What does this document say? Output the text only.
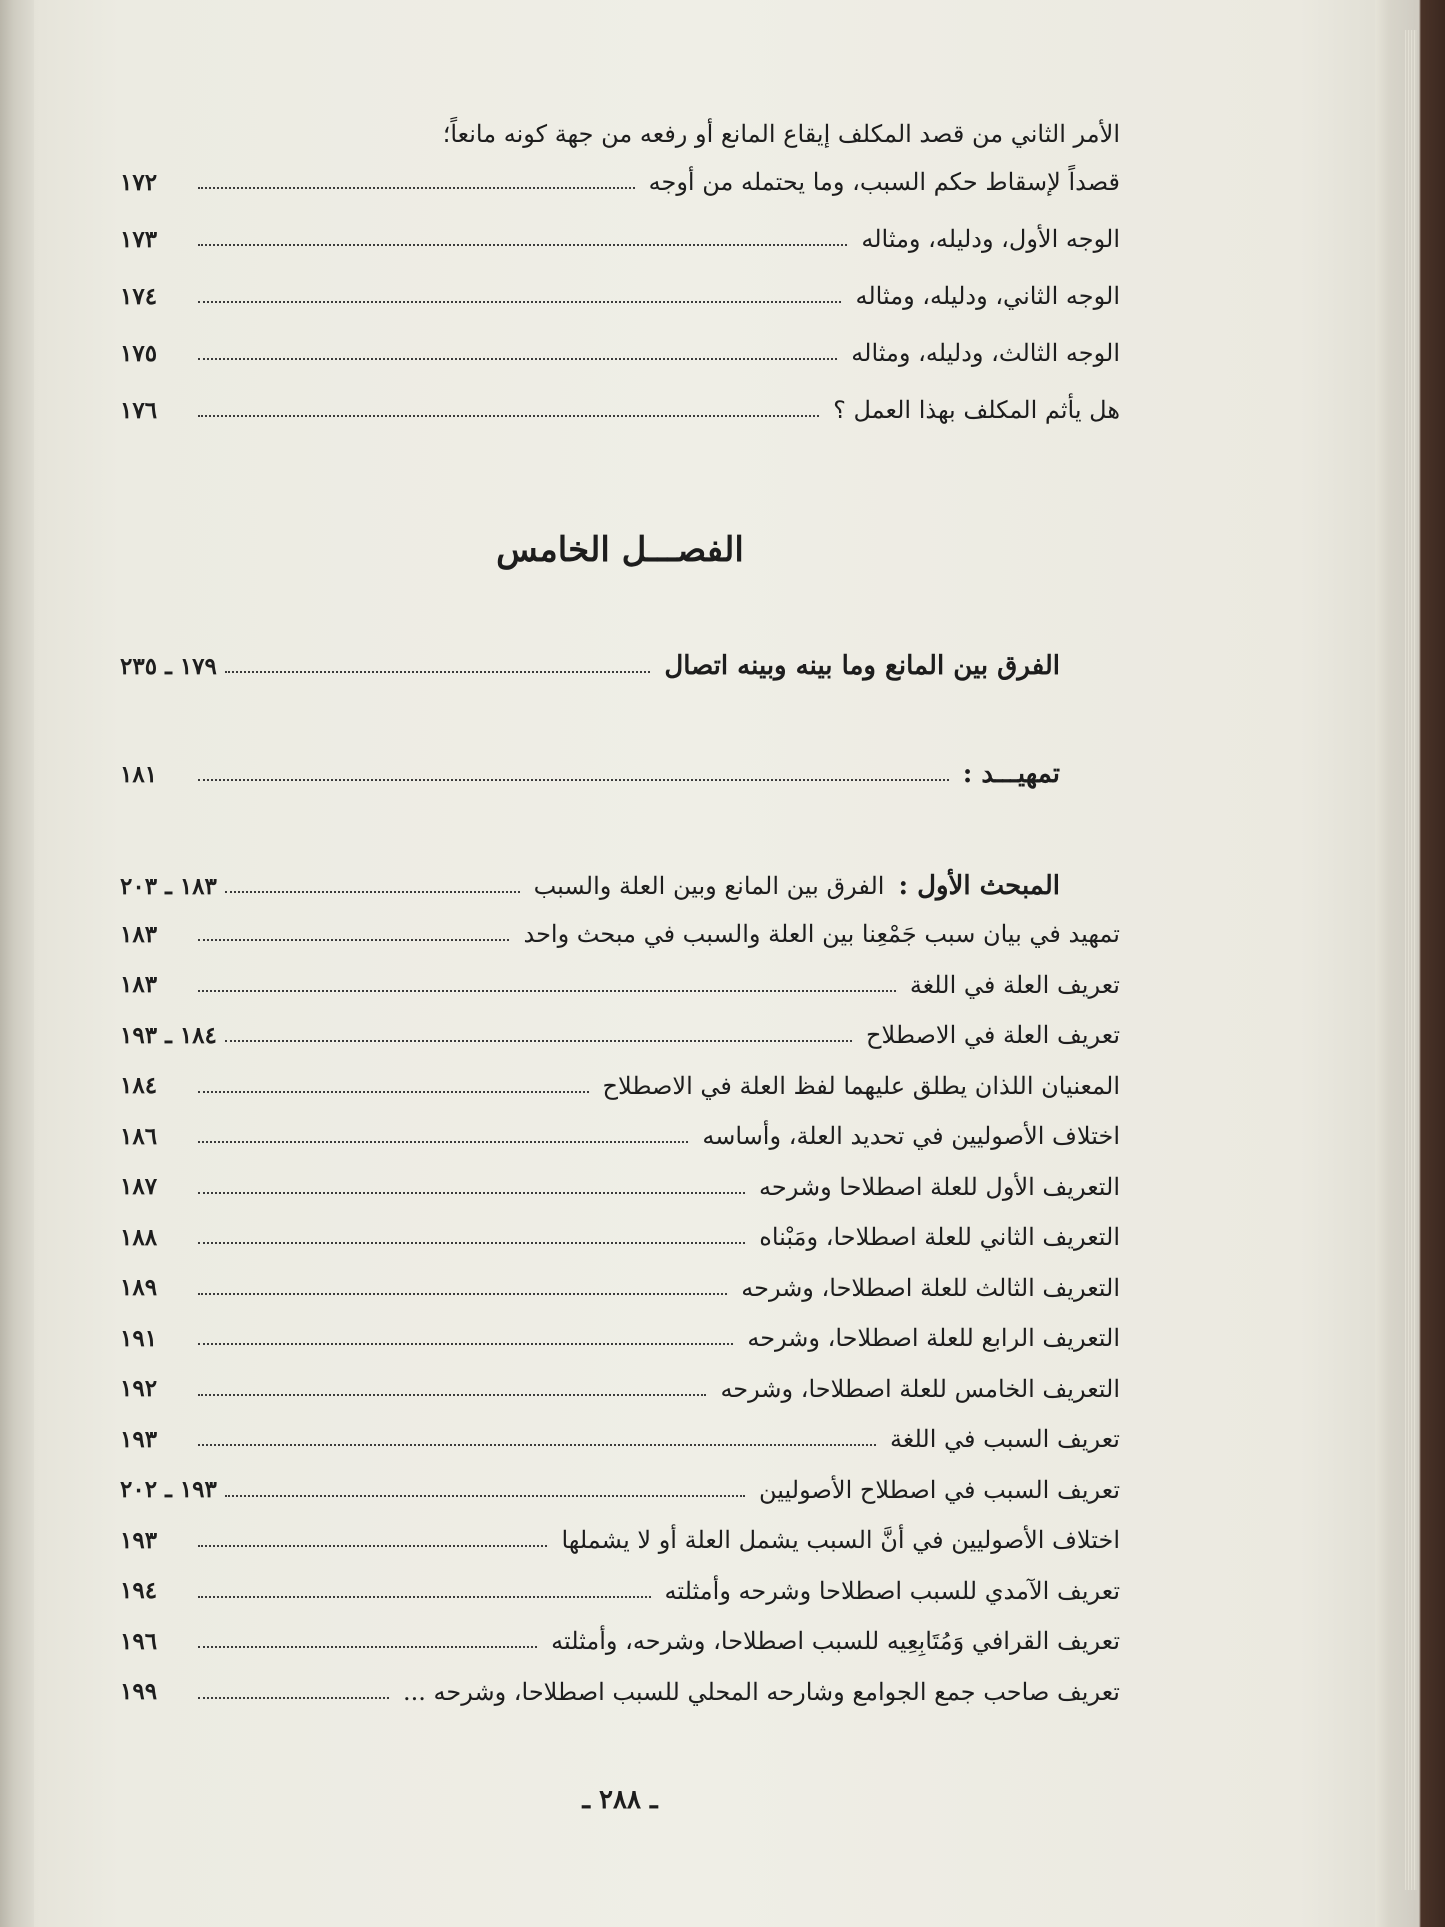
الأمر الثاني من قصد المكلف إيقاع المانع أو رفعه من جهة كونه مانعاً؛
قصداً لإسقاط حكم السبب، وما يحتمله من أوجه
١٧٢
الوجه الأول، ودليله، ومثاله
١٧٣
الوجه الثاني، ودليله، ومثاله
١٧٤
الوجه الثالث، ودليله، ومثاله
١٧٥
هل يأثم المكلف بهذا العمل ؟
١٧٦
الفصـــل الخامس
الفرق بين المانع وما بينه وبينه اتصال
١٧٩ ـ ٢٣٥
تمهيـــد :
١٨١
المبحث الأول :
الفرق بين المانع وبين العلة والسبب
١٨٣ ـ ٢٠٣
تمهيد في بيان سبب جَمْعِنا بين العلة والسبب في مبحث واحد
١٨٣
تعريف العلة في اللغة
١٨٣
تعريف العلة في الاصطلاح
١٨٤ ـ ١٩٣
المعنيان اللذان يطلق عليهما لفظ العلة في الاصطلاح
١٨٤
اختلاف الأصوليين في تحديد العلة، وأساسه
١٨٦
التعريف الأول للعلة اصطلاحا وشرحه
١٨٧
التعريف الثاني للعلة اصطلاحا، ومَبْناه
١٨٨
التعريف الثالث للعلة اصطلاحا، وشرحه
١٨٩
التعريف الرابع للعلة اصطلاحا، وشرحه
١٩١
التعريف الخامس للعلة اصطلاحا، وشرحه
١٩٢
تعريف السبب في اللغة
١٩٣
تعريف السبب في اصطلاح الأصوليين
١٩٣ ـ ٢٠٢
اختلاف الأصوليين في أنَّ السبب يشمل العلة أو لا يشملها
١٩٣
تعريف الآمدي للسبب اصطلاحا وشرحه وأمثلته
١٩٤
تعريف القرافي وَمُتَابِعِيه للسبب اصطلاحا، وشرحه، وأمثلته
١٩٦
تعريف صاحب جمع الجوامع وشارحه المحلي للسبب اصطلاحا، وشرحه ...
١٩٩
ـ ٢٨٨ ـ
